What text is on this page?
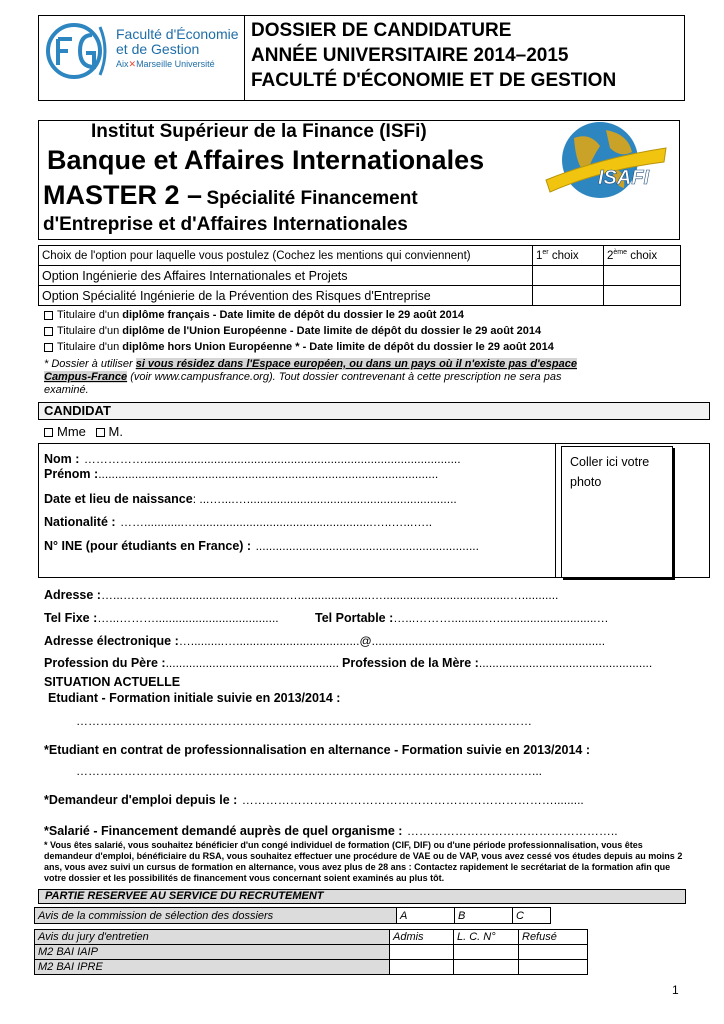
Faculté d'Économie
et de Gestion
Aix✕Marseille Université
DOSSIER DE CANDIDATURE
ANNÉE UNIVERSITAIRE 2014–2015
FACULTÉ D'ÉCONOMIE ET DE GESTION
Institut Supérieur de la Finance (ISFi)
Banque et Affaires Internationales
MASTER 2 – Spécialité Financement
d'Entreprise et d'Affaires Internationales
ISAFI
Choix de l'option pour laquelle vous postulez (Cochez les mentions qui conviennent)	1er choix	2ème choix
Option Ingénierie des Affaires Internationales et Projets		
Option Spécialité Ingénierie de la Prévention des Risques d'Entreprise		
Titulaire d'un diplôme français - Date limite de dépôt du dossier le 29 août 2014
Titulaire d'un diplôme de l'Union Européenne - Date limite de dépôt du dossier le 29 août 2014
Titulaire d'un diplôme hors Union Européenne * - Date limite de dépôt du dossier le 29 août 2014
* Dossier à utiliser si vous résidez dans l'Espace européen, ou dans un pays où il n'existe pas d'espace
Campus-France (voir www.campusfrance.org). Tout dossier contrevenant à cette prescription ne sera pas
examiné.
CANDIDAT
Mme M.
Nom : ……………...............................................................................................
Prénom :......................................................................................................
Date et lieu de naissance: ...…....…...............................................................
Nationalité : ……............….....................................................…..…...…..
N° INE (pour étudiants en France) : ...................................................................
Coller ici votre
photo
Adresse :…...………......................................…......................…......................................…...........
Tel Fixe :…...……….....................................	Tel Portable :…...………..........…..............................…
Adresse électronique :…..........….....................................@......................................................................
Profession du Père :.................................................... Profession de la Mère :....................................................
SITUATION ACTUELLE
Etudiant - Formation initiale suivie en 2013/2014 :
……………………………………………………………………………………………………
*Etudiant en contrat de professionnalisation en alternance - Formation suivie en 2013/2014 :
……………………………………………………………………………………………………...
*Demandeur d'emploi depuis le : …………………………………………………………………….........
*Salarié - Financement demandé auprès de quel organisme : ……………………………………………..
* Vous êtes salarié, vous souhaitez bénéficier d'un congé individuel de formation (CIF, DIF) ou d'une période professionnalisation, vous êtes demandeur d'emploi, bénéficiaire du RSA, vous souhaitez effectuer une procédure de VAE ou de VAP, vous avez cessé vos études depuis au moins 2 ans, vous avez suivi un cursus de formation en alternance, vous avez plus de 28 ans : Contactez rapidement le secrétariat de la formation afin que votre dossier et les possibilités de financement vous concernant soient examinés au plus tôt.
PARTIE RESERVEE AU SERVICE DU RECRUTEMENT
Avis de la commission de sélection des dossiers	A	B	C
Avis du jury d'entretien	Admis	L. C. N°	Refusé
M2 BAI IAIP			
M2 BAI IPRE			
1
